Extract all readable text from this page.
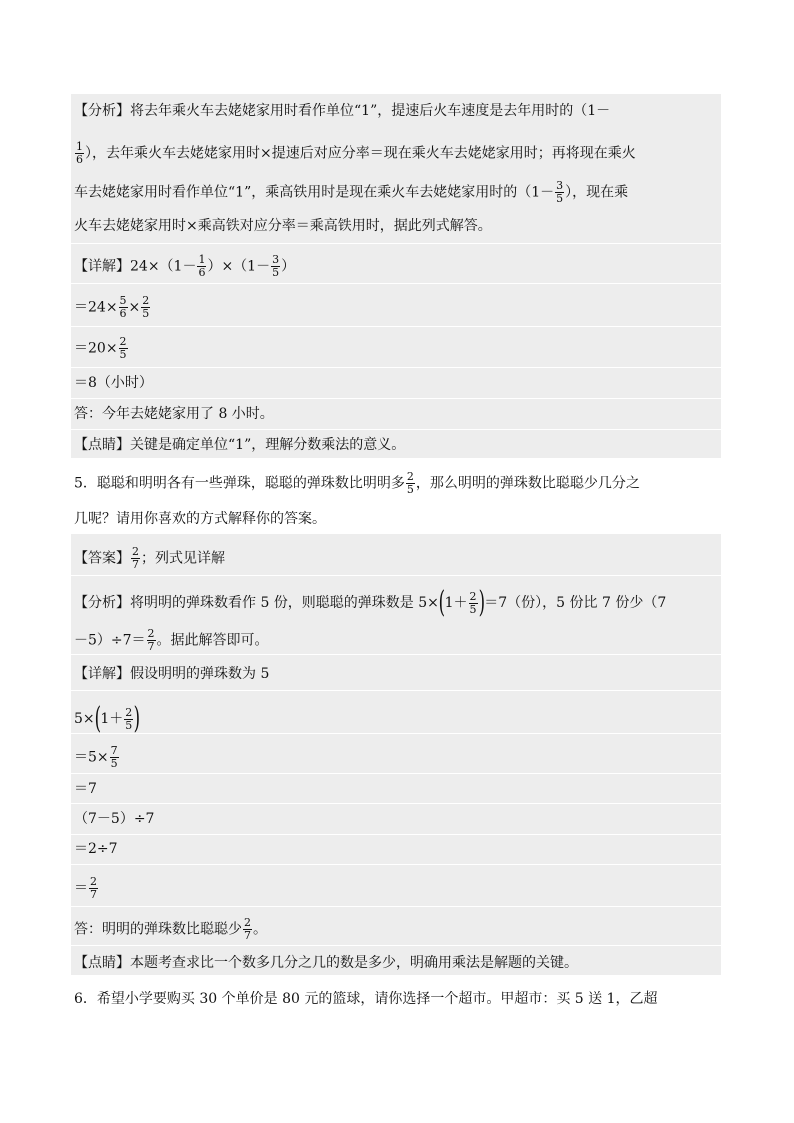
【分析】将去年乘火车去姥姥家用时看作单位“1”，提速后火车速度是去年用时的（1－
$\frac{1}{6}$ ），去年乘火车去姥姥家用时×提速后对应分率＝现在乘火车去姥姥家用时；再将现在乘火
车去姥姥家用时看作单位“1”，乘高铁用时是现在乘火车去姥姥家用时的（$1- \frac{3}{5}$ ），现在乘
火车去姥姥家用时×乘高铁对应分率＝乘高铁用时，据此列式解答。
【详解】$24\times(1- \frac{1}{6} )\times(1- \frac{3}{5}$ ）
$=24\times \frac{5}{6} \times \frac{2}{5}$
$=20\times \frac{2}{5}$
＝8（小时）
答：今年去姥姥家用了 8 小时。
【点睛】关键是确定单位“1”，理解分数乘法的意义。
5．聪聪和明明各有一些弹珠，聪聪的弹珠数比明明多 $\frac{2}{5}$ ，那么明明的弹珠数比聪聪少几分之
几呢？请用你喜欢的方式解释你的答案。
【答案】 $\frac{2}{7}$ ；列式见详解
【分析】将明明的弹珠数看作 5 份，则聪聪的弹珠数是 $5\times(1+ \frac{2}{5} )=7$（份），5 份比 7 份少（7
$-5)\div 7= \frac{2}{7}$ 。据此解答即可。
【详解】假设明明的弹珠数为 5
$5\times(1+ \frac{2}{5}$ )
$=5\times \frac{7}{5}$
＝7
（7－5）÷7
＝2÷7
＝ $\frac{2}{7}$
答：明明的弹珠数比聪聪少 $\frac{2}{7}$ 。
【点睛】本题考查求比一个数多几分之几的数是多少，明确用乘法是解题的关键。
6．希望小学要购买 30 个单价是 80 元的篮球，请你选择一个超市。甲超市：买 5 送 1，乙超
